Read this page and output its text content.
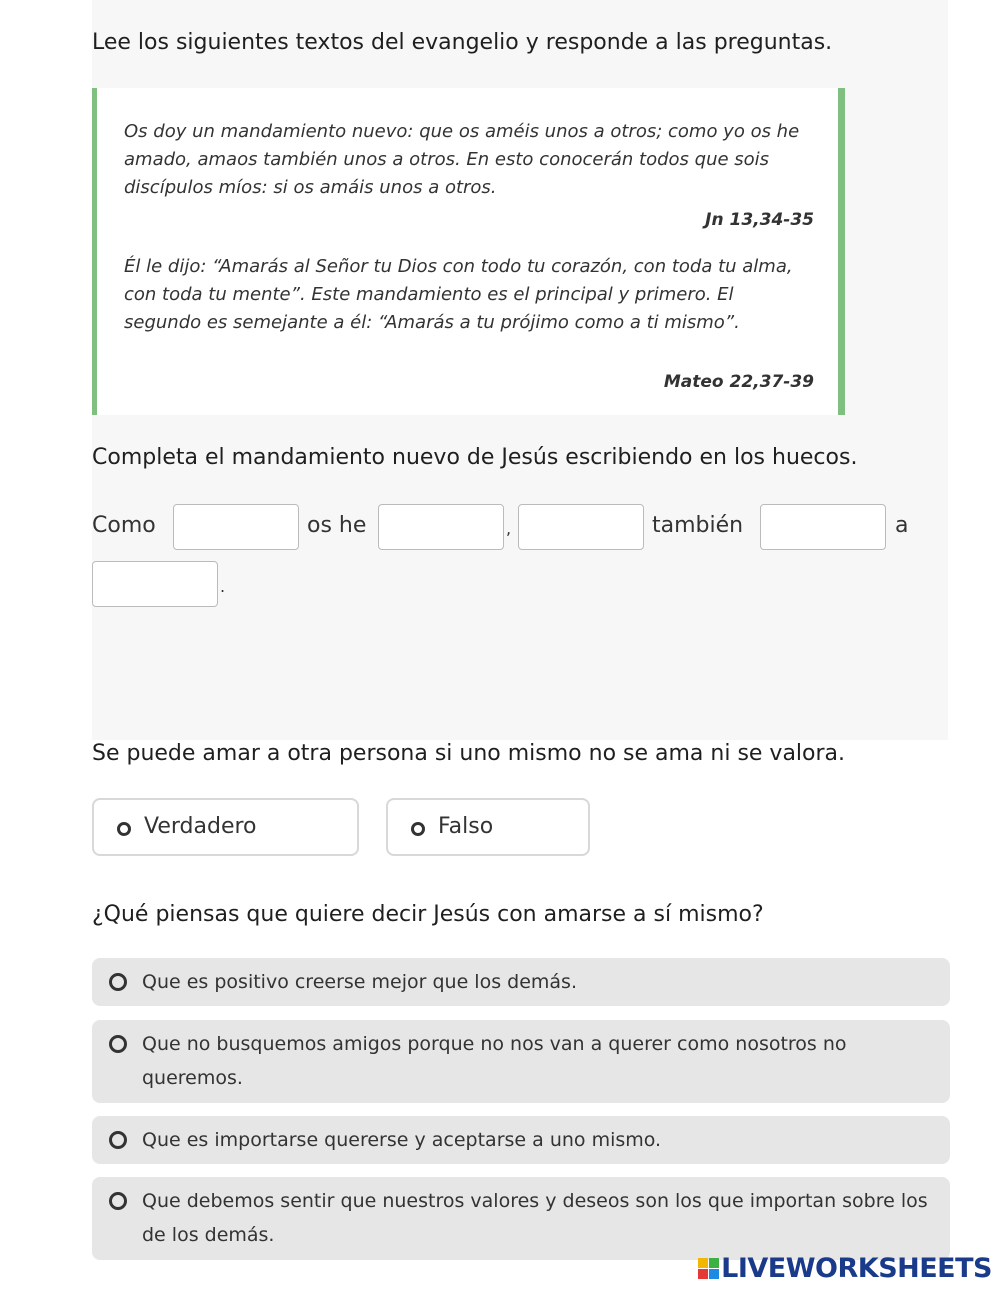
Lee los siguientes textos del evangelio y responde a las preguntas.
Os doy un mandamiento nuevo: que os améis unos a otros; como yo os he amado, amaos también unos a otros. En esto conocerán todos que sois discípulos míos: si os amáis unos a otros.
Jn 13,34-35
Él le dijo: “Amarás al Señor tu Dios con todo tu corazón, con toda tu alma, con toda tu mente”. Este mandamiento es el principal y primero. El segundo es semejante a él: “Amarás a tu prójimo como a ti mismo”.
Mateo 22,37-39
Completa el mandamiento nuevo de Jesús escribiendo en los huecos.
Como	os he	,	también	a
.
Se puede amar a otra persona si uno mismo no se ama ni se valora.
Verdadero	Falso
¿Qué piensas que quiere decir Jesús con amarse a sí mismo?
Que es positivo creerse mejor que los demás.
Que no busquemos amigos porque no nos van a querer como nosotros no queremos.
Que es importarse quererse y aceptarse a uno mismo.
Que debemos sentir que nuestros valores y deseos son los que importan sobre los de los demás.
LIVEWORKSHEETS
